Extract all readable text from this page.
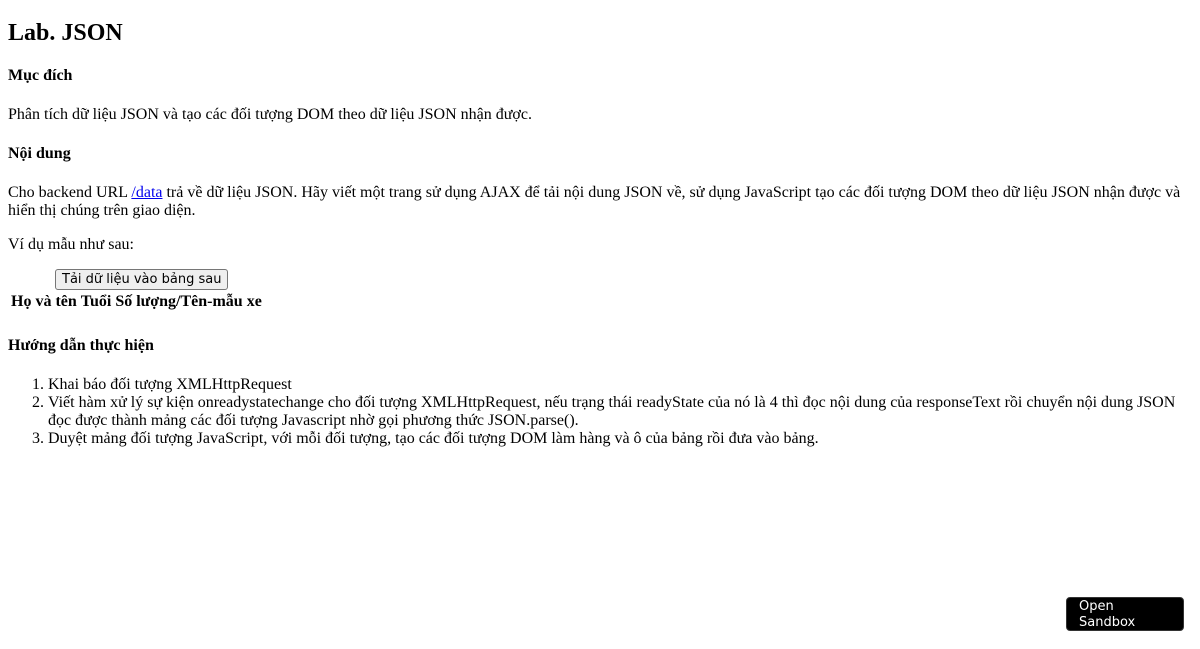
Lab. JSON
Mục đích

Phân tích dữ liệu JSON và tạo các đối tượng DOM theo dữ liệu JSON nhận được.

Nội dung

Cho backend URL /data trả về dữ liệu JSON. Hãy viết một trang sử dụng AJAX để tải nội dung JSON về, sử dụng JavaScript tạo các đối tượng DOM theo dữ liệu JSON nhận được và hiển thị chúng trên giao diện.

Ví dụ mẫu như sau:

Tải dữ liệu vào bảng sau
Họ và tên	Tuổi	Số lượng/Tên-mẫu xe
Hướng dẫn thực hiện
1. Khai báo đối tượng XMLHttpRequest
2. Viết hàm xử lý sự kiện onreadystatechange cho đối tượng XMLHttpRequest, nếu trạng thái readyState của nó là 4 thì đọc nội dung của responseText rồi chuyển nội dung JSON đọc được thành mảng các đối tượng Javascript nhờ gọi phương thức JSON.parse().
3. Duyệt mảng đối tượng JavaScript, với mỗi đối tượng, tạo các đối tượng DOM làm hàng và ô của bảng rồi đưa vào bảng.
Open Sandbox
